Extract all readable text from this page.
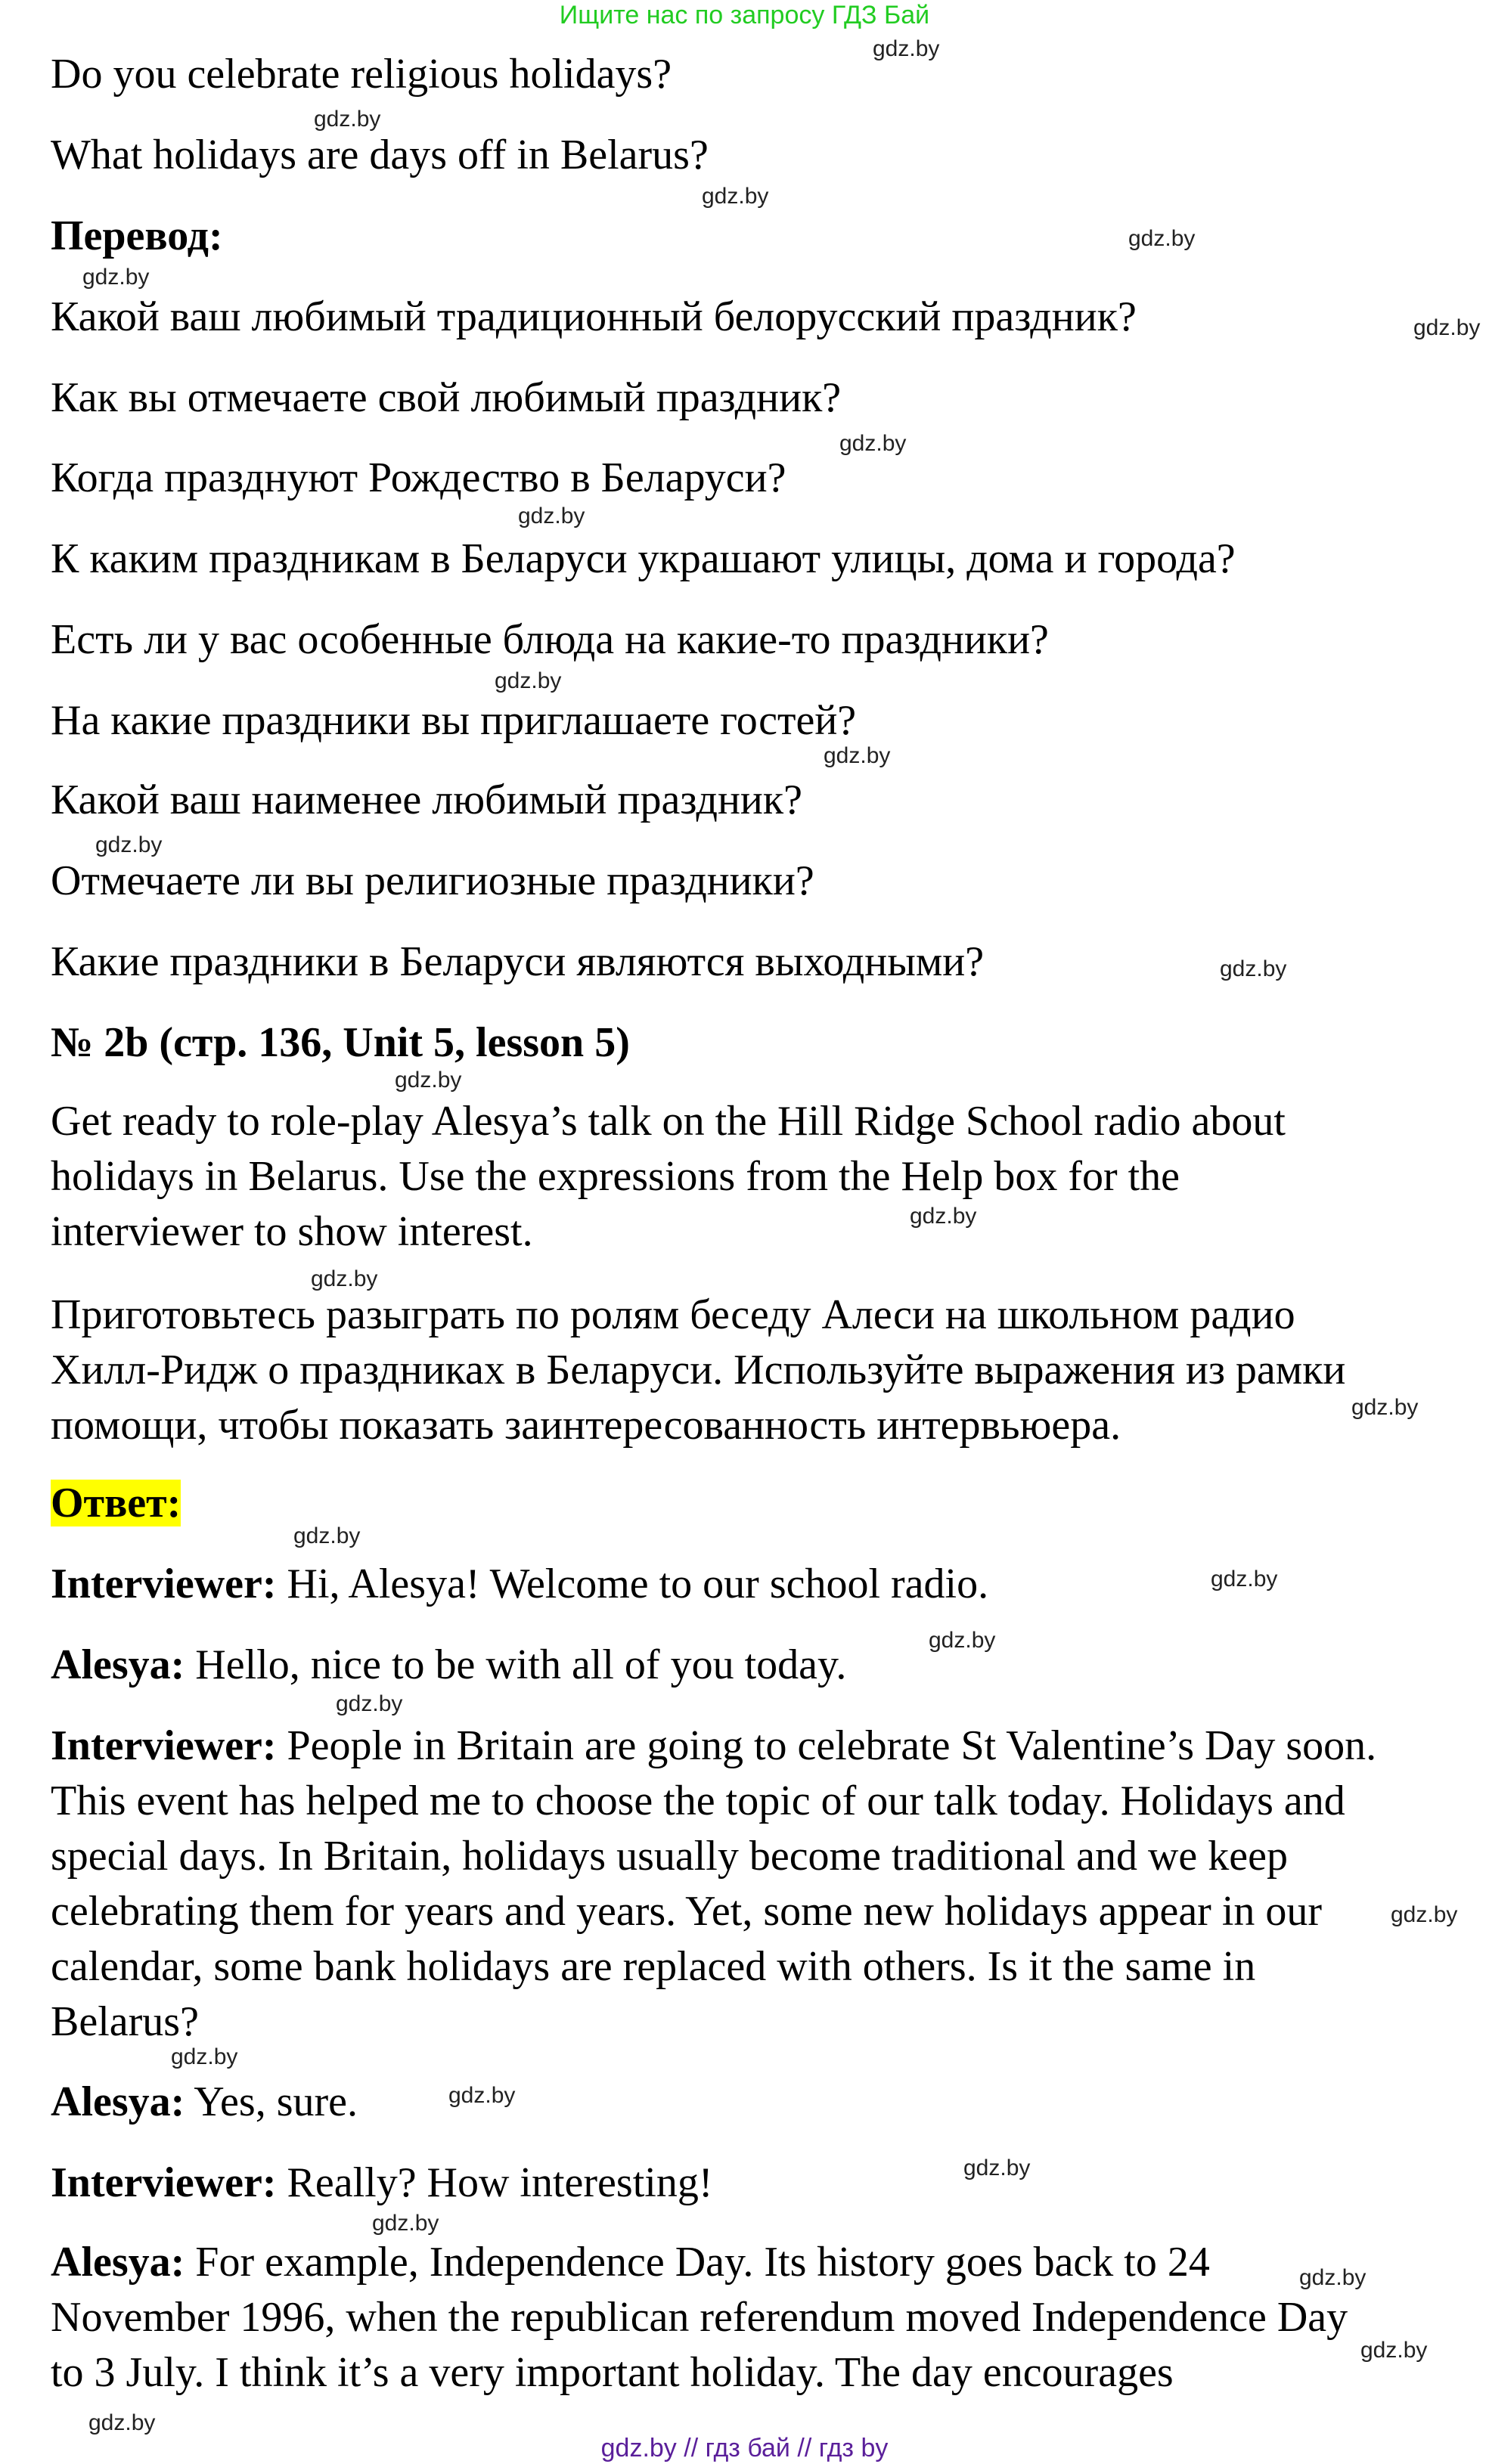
Ищите нас по запросу ГДЗ Бай

Do you celebrate religious holidays?

What holidays are days off in Belarus?

Перевод:

Какой ваш любимый традиционный белорусский праздник?

Как вы отмечаете свой любимый праздник?

Когда празднуют Рождество в Беларуси?

К каким праздникам в Беларуси украшают улицы, дома и города?

Есть ли у вас особенные блюда на какие-то праздники?

На какие праздники вы приглашаете гостей?

Какой ваш наименее любимый праздник?

Отмечаете ли вы религиозные праздники?

Какие праздники в Беларуси являются выходными?

№ 2b (стр. 136, Unit 5, lesson 5)

Get ready to role-play Alesya’s talk on the Hill Ridge School radio about holidays in Belarus. Use the expressions from the Help box for the interviewer to show interest.

Приготовьтесь разыграть по ролям беседу Алеси на школьном радио Хилл-Ридж о праздниках в Беларуси. Используйте выражения из рамки помощи, чтобы показать заинтересованность интервьюера.

Ответ:

Interviewer: Hi, Alesya! Welcome to our school radio.

Alesya: Hello, nice to be with all of you today.

Interviewer: People in Britain are going to celebrate St Valentine’s Day soon. This event has helped me to choose the topic of our talk today. Holidays and special days. In Britain, holidays usually become traditional and we keep celebrating them for years and years. Yet, some new holidays appear in our calendar, some bank holidays are replaced with others. Is it the same in Belarus?

Alesya: Yes, sure.

Interviewer: Really? How interesting!

Alesya: For example, Independence Day. Its history goes back to 24 November 1996, when the republican referendum moved Independence Day to 3 July. I think it’s a very important holiday. The day encourages

gdz.by
gdz.by
gdz.by
gdz.by
gdz.by
gdz.by
gdz.by
gdz.by
gdz.by
gdz.by
gdz.by
gdz.by
gdz.by
gdz.by
gdz.by
gdz.by
gdz.by
gdz.by
gdz.by
gdz.by
gdz.by
gdz.by
gdz.by
gdz.by
gdz.by
gdz.by
gdz.by
gdz.by
gdz.by // гдз бай // гдз by
